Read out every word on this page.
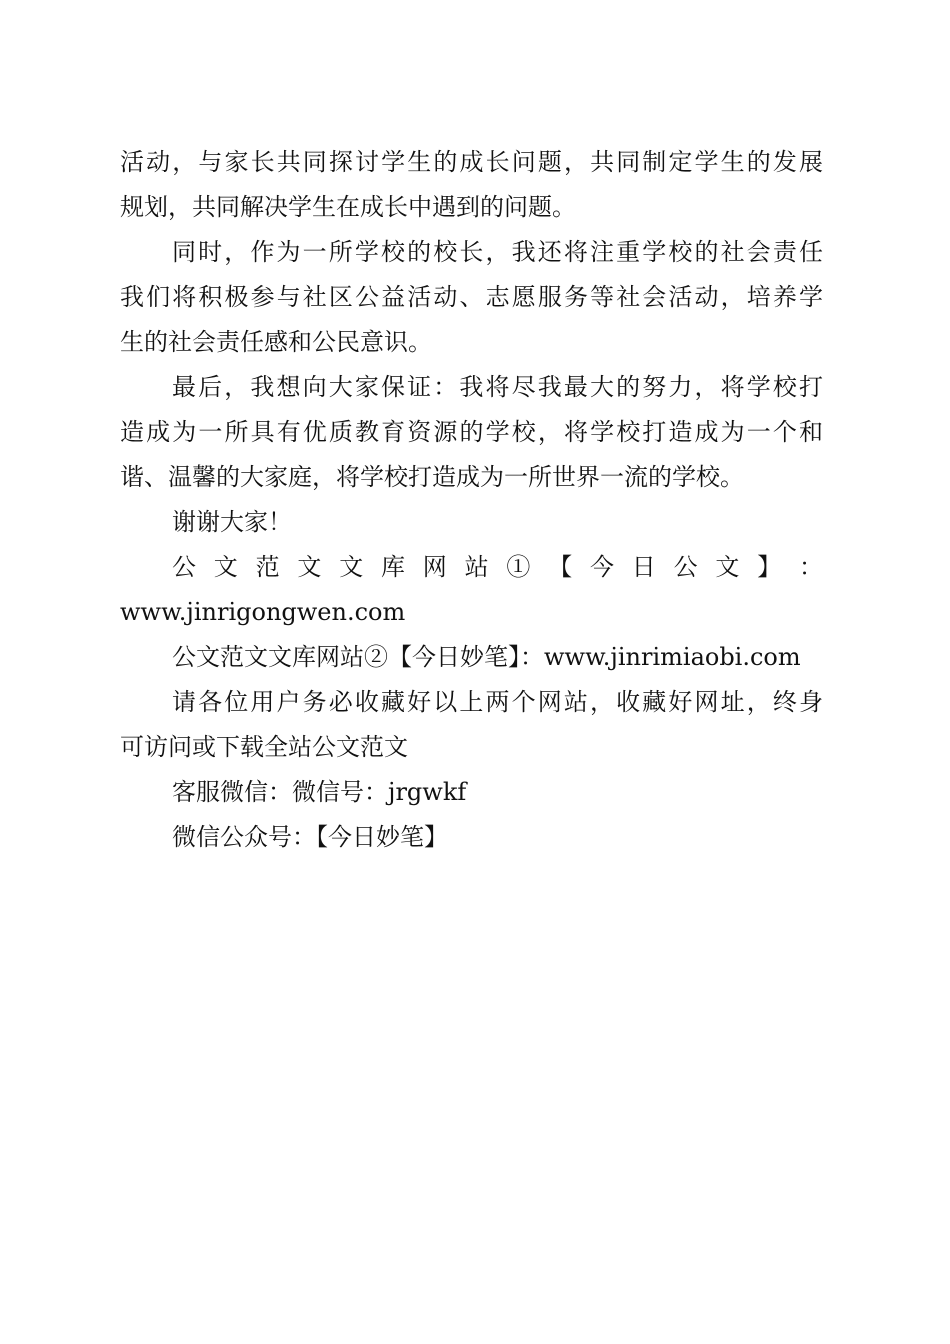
活动，与家长共同探讨学生的成长问题，共同制定学生的发展
规划，共同解决学生在成长中遇到的问题。
同时，作为一所学校的校长，我还将注重学校的社会责任
我们将积极参与社区公益活动、志愿服务等社会活动，培养学
生的社会责任感和公民意识。
最后，我想向大家保证：我将尽我最大的努力，将学校打
造成为一所具有优质教育资源的学校，将学校打造成为一个和
谐、温馨的大家庭，将学校打造成为一所世界一流的学校。
谢谢大家！
公 文 范 文 文 库 网 站 ① 【 今 日 公 文 】 ：
www.jinrigongwen.com
公文范文文库网站②【今日妙笔】：www.jinrimiaobi.com
请各位用户务必收藏好以上两个网站，收藏好网址，终身
可访问或下载全站公文范文
客服微信：微信号：jrgwkf
微信公众号：【今日妙笔】
